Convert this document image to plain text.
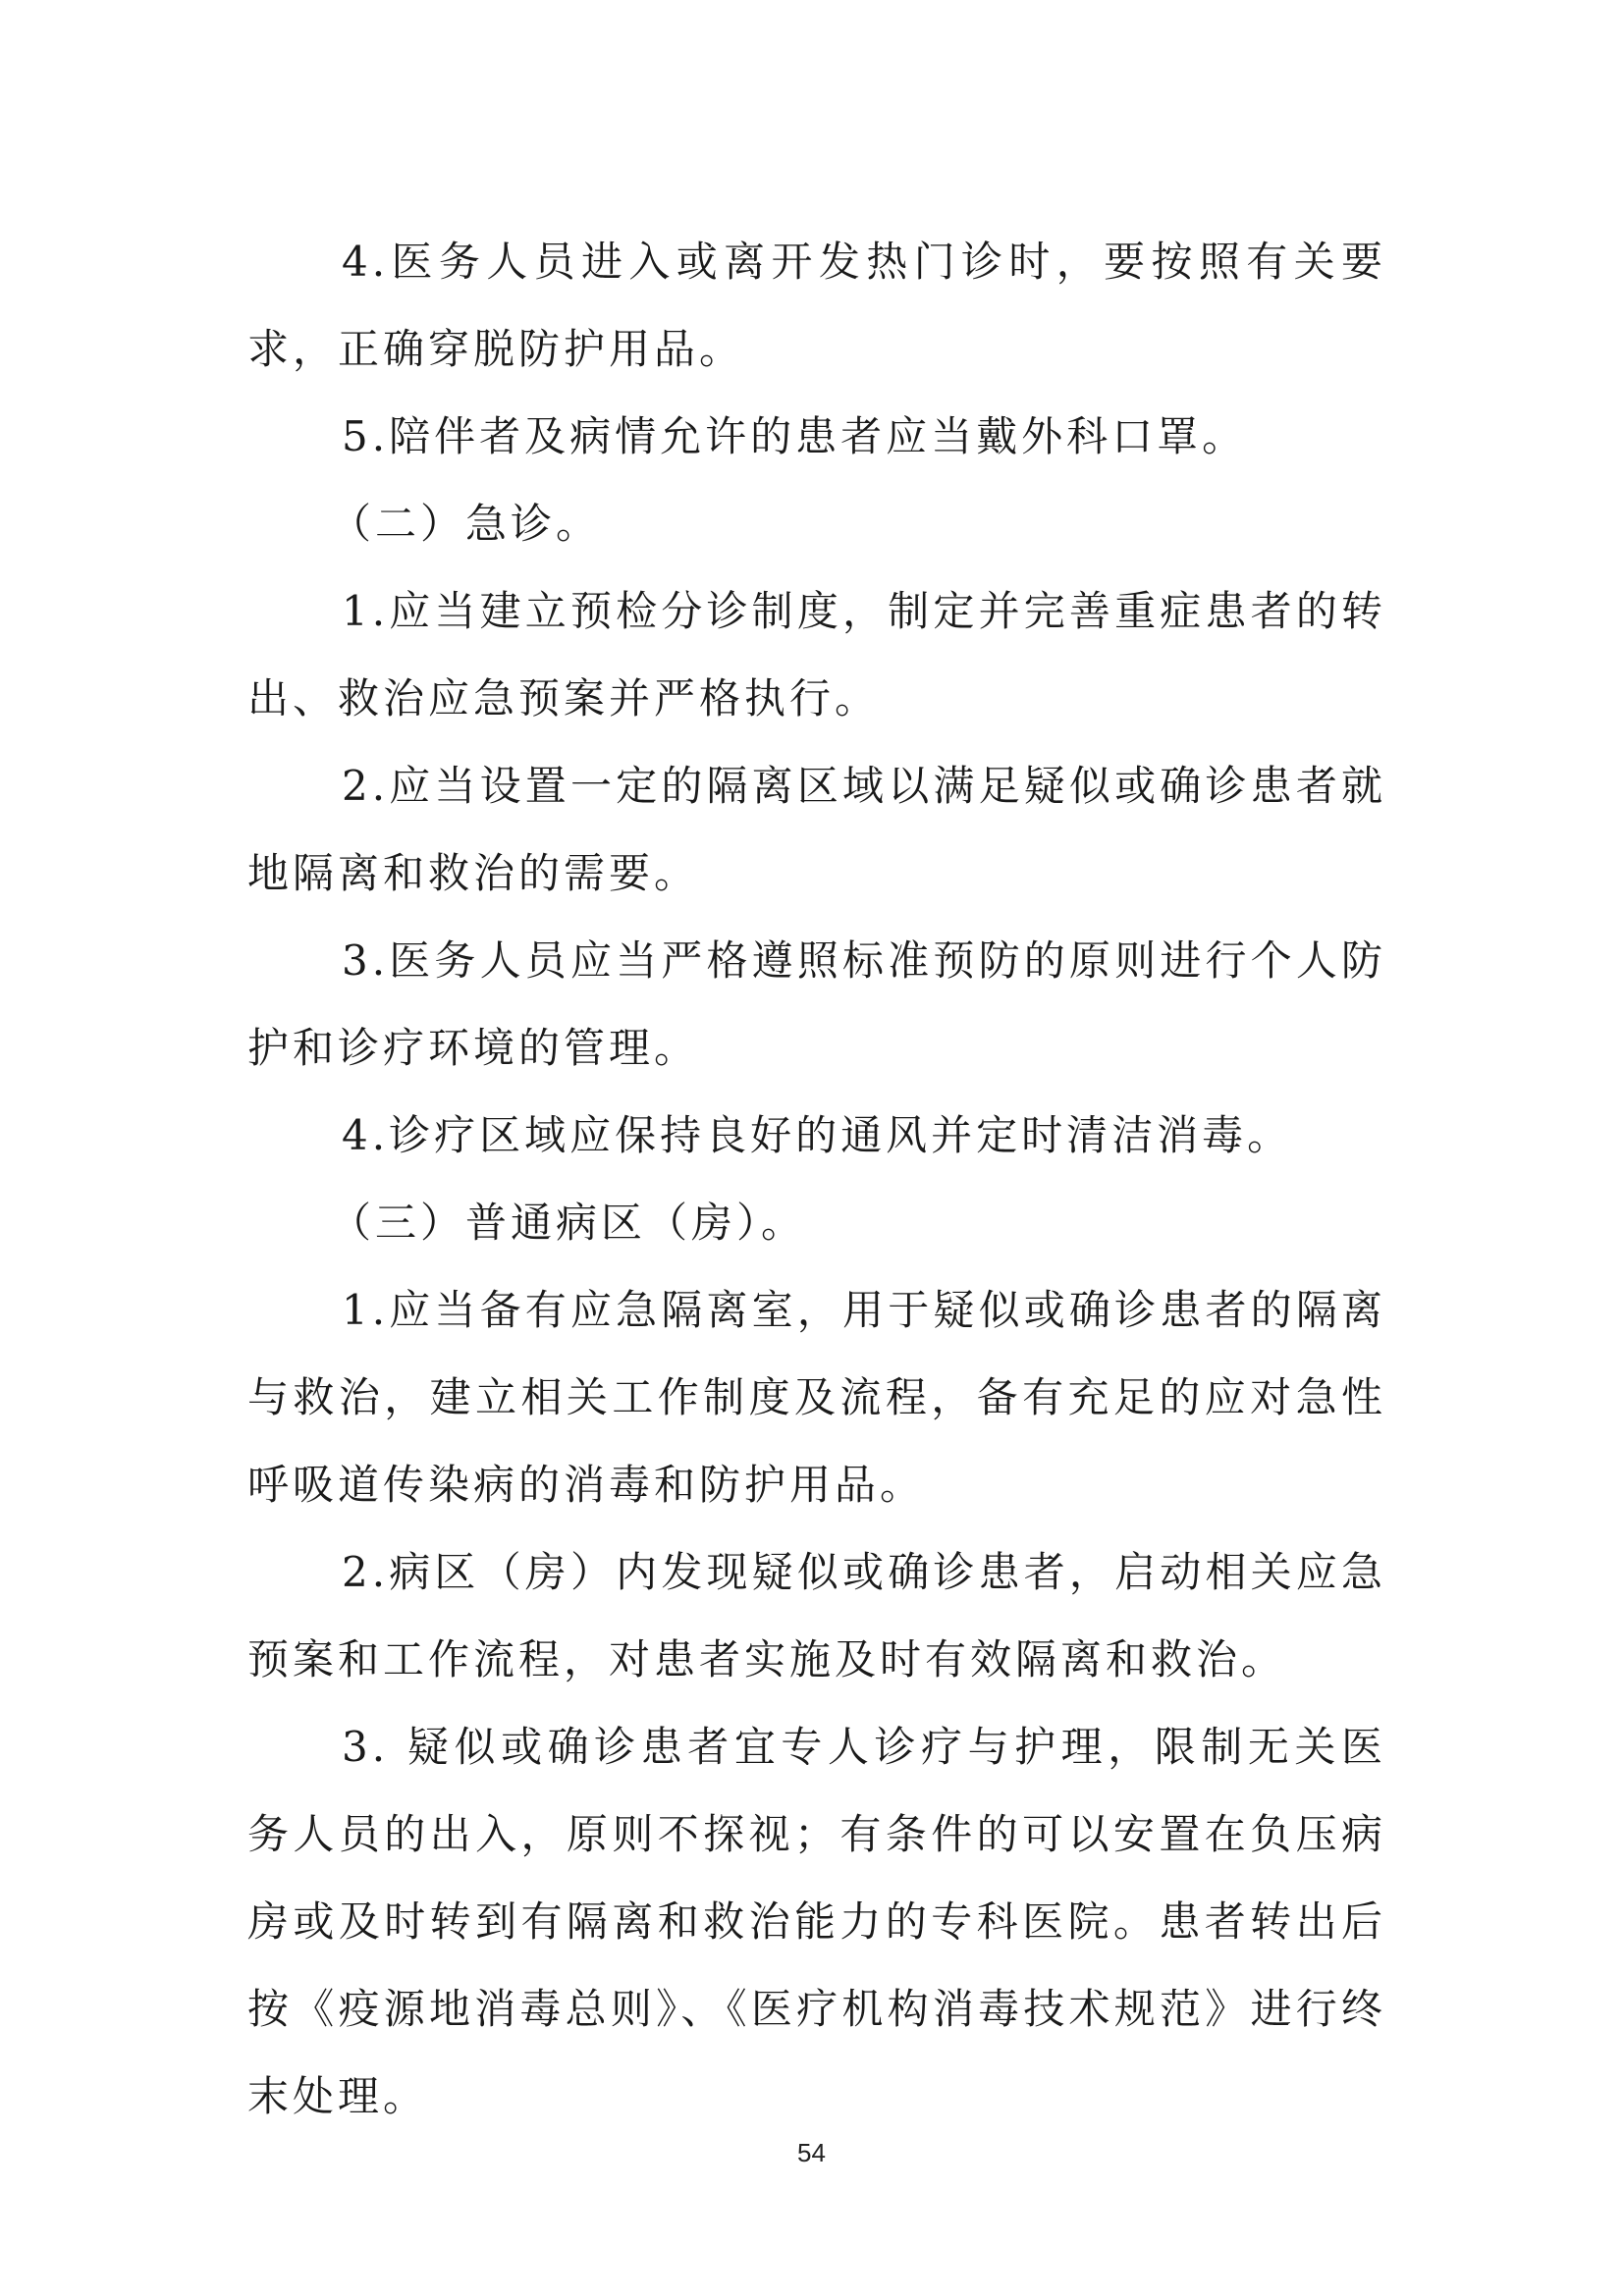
4.医务人员进入或离开发热门诊时，要按照有关要求，正确穿脱防护用品。

5.陪伴者及病情允许的患者应当戴外科口罩。

（二）急诊。

1.应当建立预检分诊制度，制定并完善重症患者的转出、救治应急预案并严格执行。

2.应当设置一定的隔离区域以满足疑似或确诊患者就地隔离和救治的需要。

3.医务人员应当严格遵照标准预防的原则进行个人防护和诊疗环境的管理。

4.诊疗区域应保持良好的通风并定时清洁消毒。

（三）普通病区（房）。

1.应当备有应急隔离室，用于疑似或确诊患者的隔离与救治，建立相关工作制度及流程，备有充足的应对急性呼吸道传染病的消毒和防护用品。

2.病区（房）内发现疑似或确诊患者，启动相关应急预案和工作流程，对患者实施及时有效隔离和救治。

3. 疑似或确诊患者宜专人诊疗与护理，限制无关医务人员的出入，原则不探视；有条件的可以安置在负压病房或及时转到有隔离和救治能力的专科医院。患者转出后按《疫源地消毒总则》、《医疗机构消毒技术规范》进行终末处理。

54
